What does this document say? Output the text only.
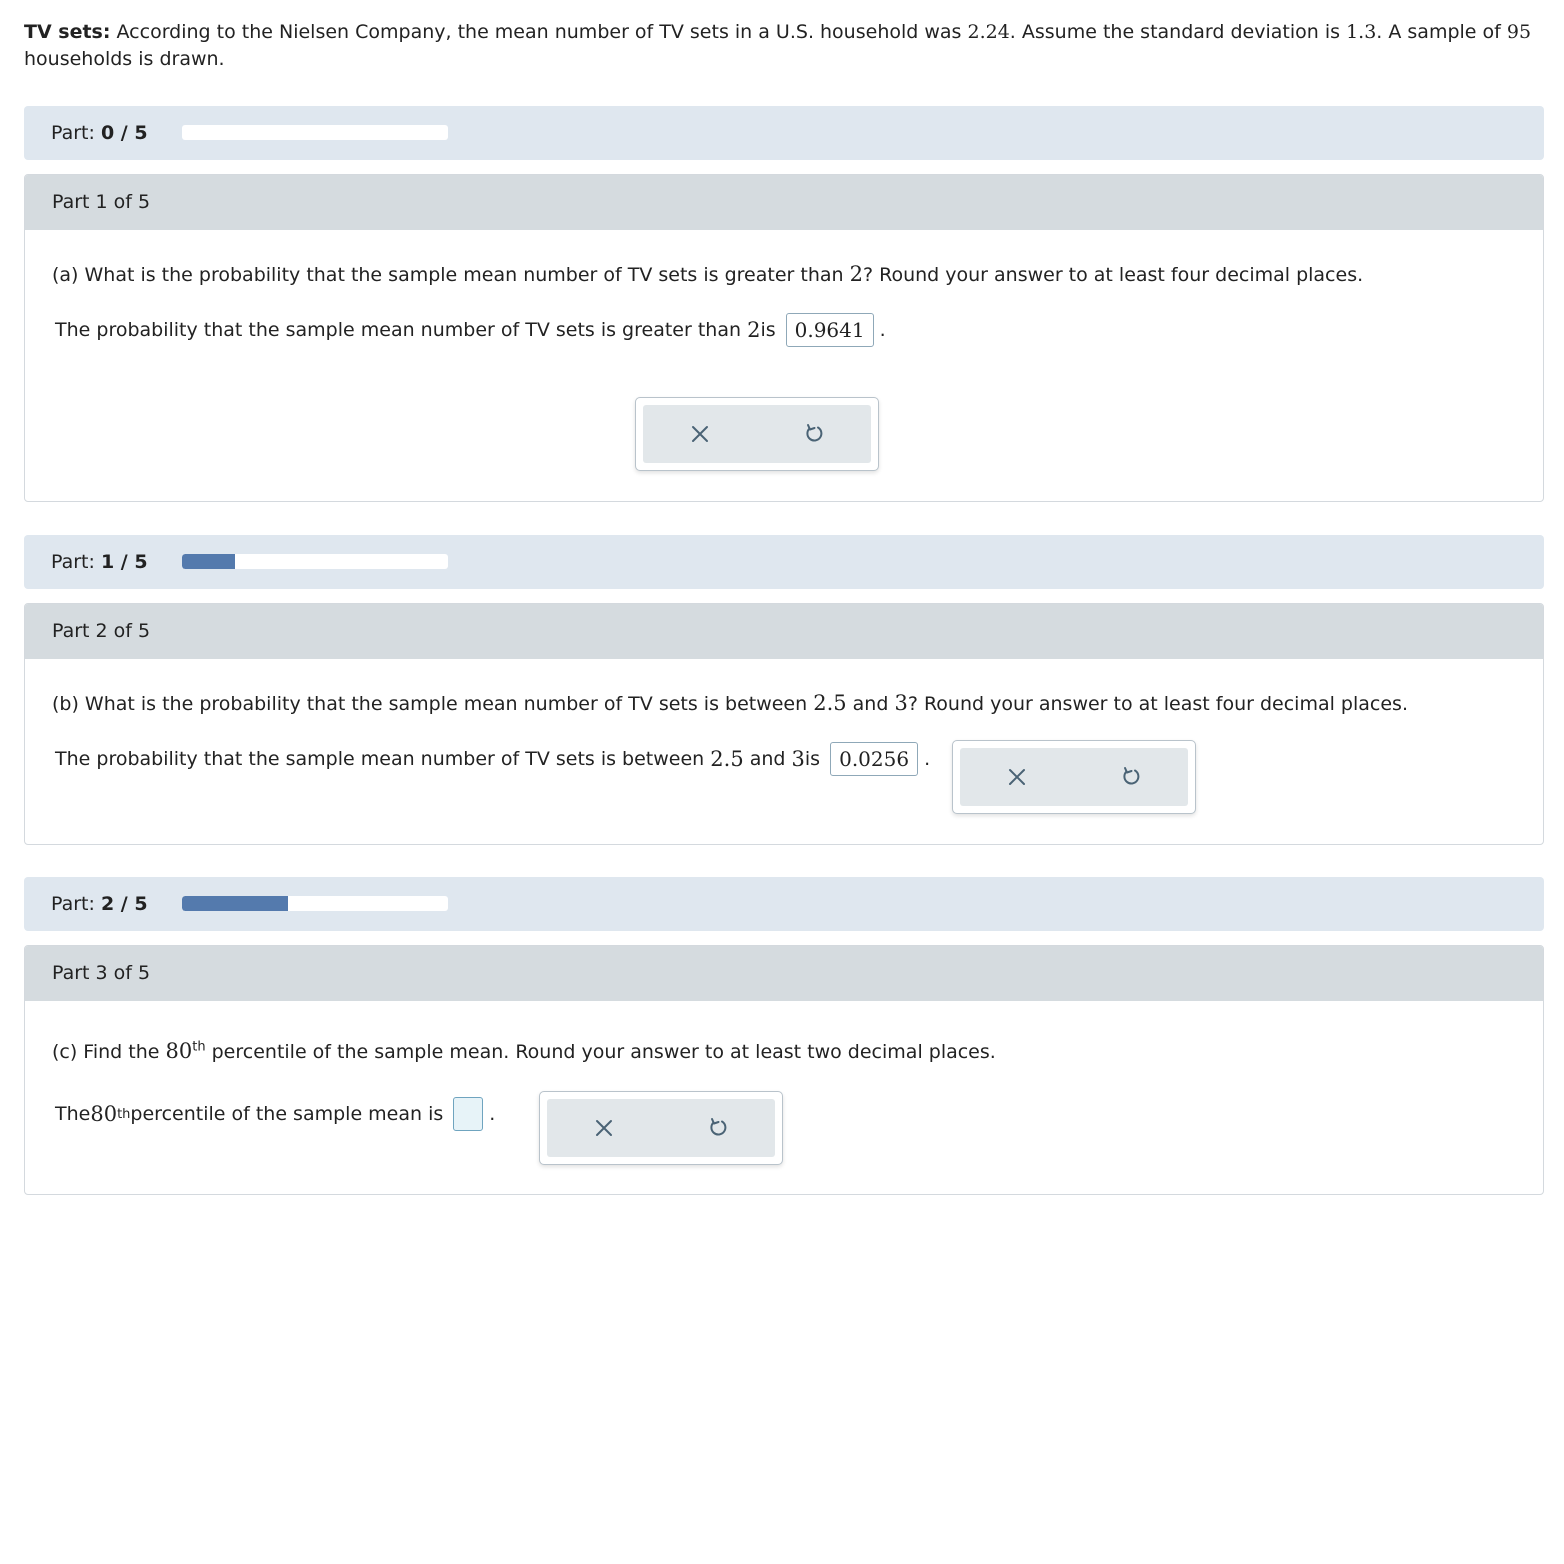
TV sets: According to the Nielsen Company, the mean number of TV sets in a U.S. household was 2.24. Assume the standard deviation is 1.3. A sample of 95 households is drawn.
Part: 0 / 5
Part 1 of 5
(a) What is the probability that the sample mean number of TV sets is greater than 2? Round your answer to at least four decimal places.
The probability that the sample mean number of TV sets is greater than
2 is 0.9641 .
Part: 1 / 5
Part 2 of 5
(b) What is the probability that the sample mean number of TV sets is between 2.5 and 3? Round your answer to at least four decimal places.
The probability that the sample mean number of TV sets is between
2.5
and
3 is 0.0256 .
Part: 2 / 5
Part 3 of 5
(c) Find the 80th percentile of the sample mean. Round your answer to at least two decimal places.
The 80 th percentile of the sample mean is .
